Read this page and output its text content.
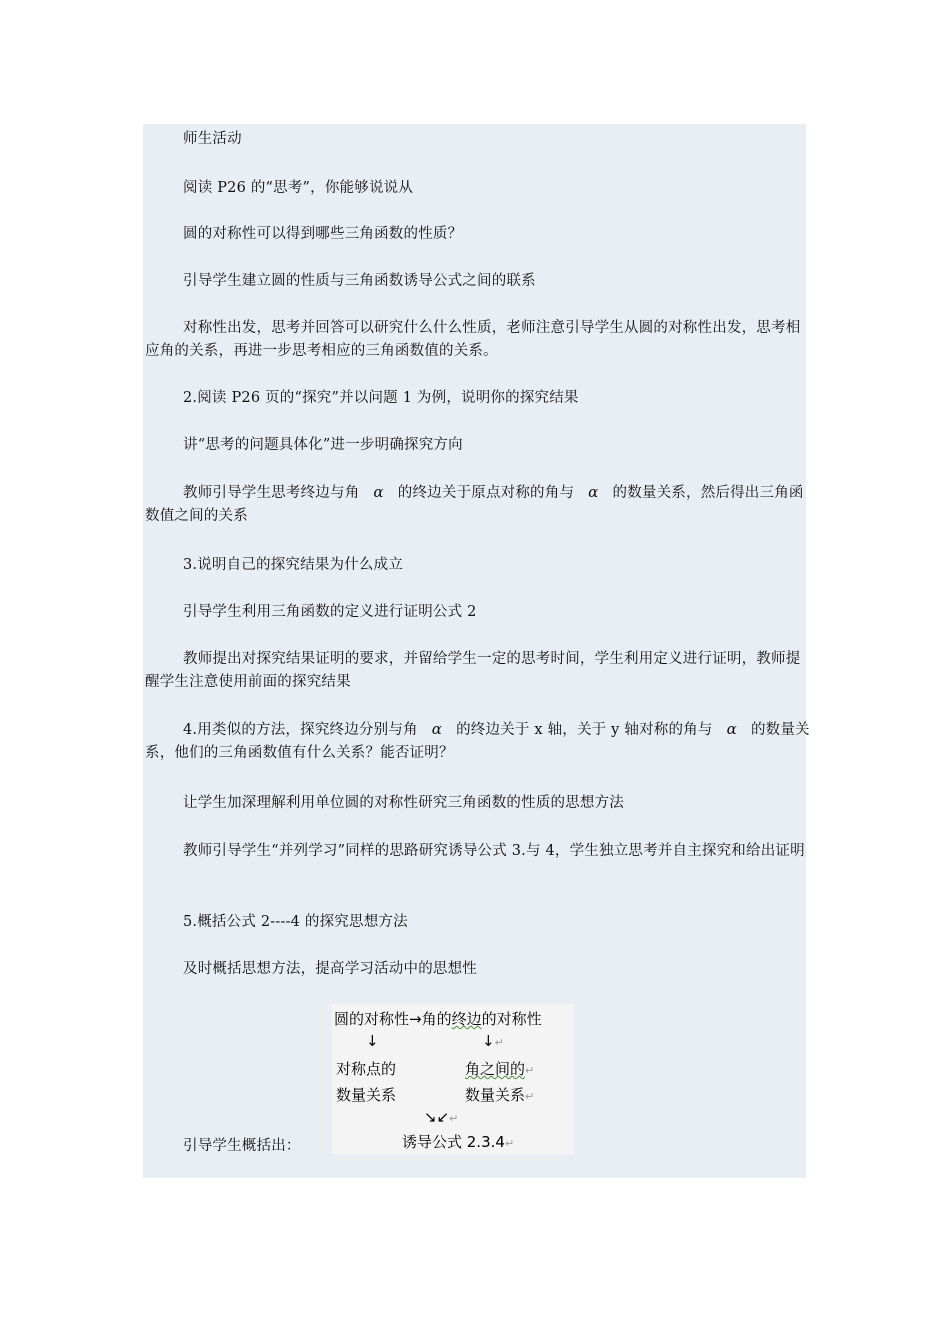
师生活动
阅读 P26 的“思考”，你能够说说从
圆的对称性可以得到哪些三角函数的性质？
引导学生建立圆的性质与三角函数诱导公式之间的联系
对称性出发，思考并回答可以研究什么什么性质，老师注意引导学生从圆的对称性出发，思考相应角的关系，再进一步思考相应的三角函数值的关系。
2.阅读 P26 页的“探究”并以问题 1 为例，说明你的探究结果
讲“思考的问题具体化”进一步明确探究方向
教师引导学生思考终边与角 α 的终边关于原点对称的角与 α 的数量关系，然后得出三角函数值之间的关系
3.说明自己的探究结果为什么成立
引导学生利用三角函数的定义进行证明公式 2
教师提出对探究结果证明的要求，并留给学生一定的思考时间，学生利用定义进行证明，教师提醒学生注意使用前面的探究结果
4.用类似的方法，探究终边分别与角 α 的终边关于 x 轴，关于 y 轴对称的角与 α 的数量关系，他们的三角函数值有什么关系？能否证明？
让学生加深理解利用单位圆的对称性研究三角函数的性质的思想方法
教师引导学生“并列学习”同样的思路研究诱导公式 3.与 4，学生独立思考并自主探究和给出证明
5.概括公式 2----4 的探究思想方法
及时概括思想方法，提高学习活动中的思想性
引导学生概括出：
圆的对称性→角的终边的对称性
↓	↓↵
对称点的
数量关系
角之间的↵
数量关系↵
↘↙↵
诱导公式 2.3.4↵
